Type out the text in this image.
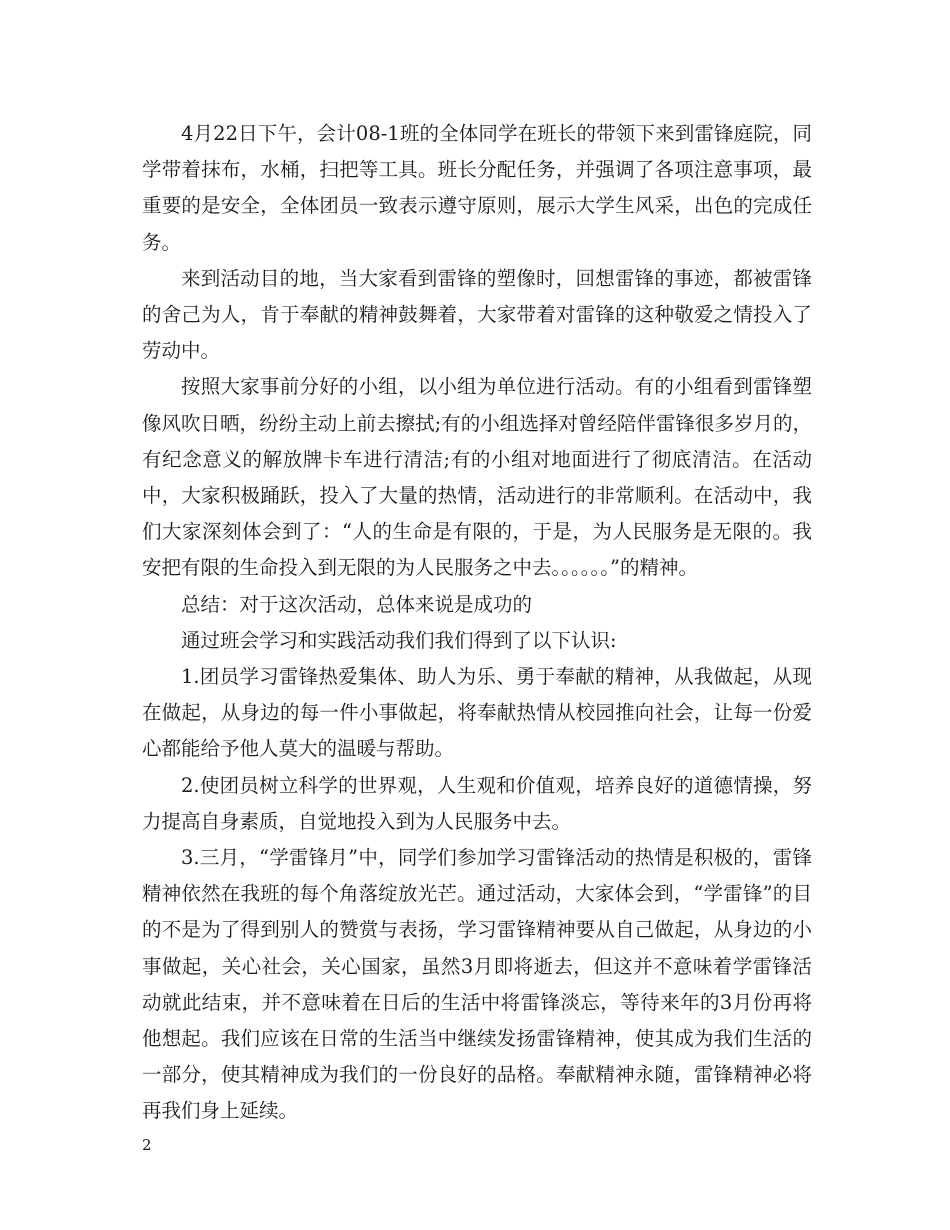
4月22日下午，会计08-1班的全体同学在班长的带领下来到雷锋庭院，同学带着抹布，水桶，扫把等工具。班长分配任务，并强调了各项注意事项，最重要的是安全，全体团员一致表示遵守原则，展示大学生风采，出色的完成任务。

来到活动目的地，当大家看到雷锋的塑像时，回想雷锋的事迹，都被雷锋的舍己为人，肯于奉献的精神鼓舞着，大家带着对雷锋的这种敬爱之情投入了劳动中。

按照大家事前分好的小组，以小组为单位进行活动。有的小组看到雷锋塑像风吹日晒，纷纷主动上前去擦拭;有的小组选择对曾经陪伴雷锋很多岁月的，有纪念意义的解放牌卡车进行清洁;有的小组对地面进行了彻底清洁。在活动中，大家积极踊跃，投入了大量的热情，活动进行的非常顺利。在活动中，我们大家深刻体会到了：“人的生命是有限的，于是，为人民服务是无限的。我安把有限的生命投入到无限的为人民服务之中去。。。。。。”的精神。

总结：对于这次活动，总体来说是成功的

通过班会学习和实践活动我们我们得到了以下认识:

1.团员学习雷锋热爱集体、助人为乐、勇于奉献的精神，从我做起，从现在做起，从身边的每一件小事做起，将奉献热情从校园推向社会，让每一份爱心都能给予他人莫大的温暖与帮助。

2.使团员树立科学的世界观，人生观和价值观，培养良好的道德情操，努力提高自身素质，自觉地投入到为人民服务中去。

3.三月，“学雷锋月”中，同学们参加学习雷锋活动的热情是积极的，雷锋精神依然在我班的每个角落绽放光芒。通过活动，大家体会到，“学雷锋”的目的不是为了得到别人的赞赏与表扬，学习雷锋精神要从自己做起，从身边的小事做起，关心社会，关心国家，虽然3月即将逝去，但这并不意味着学雷锋活动就此结束，并不意味着在日后的生活中将雷锋淡忘，等待来年的3月份再将他想起。我们应该在日常的生活当中继续发扬雷锋精神，使其成为我们生活的一部分，使其精神成为我们的一份良好的品格。奉献精神永随，雷锋精神必将再我们身上延续。

2
